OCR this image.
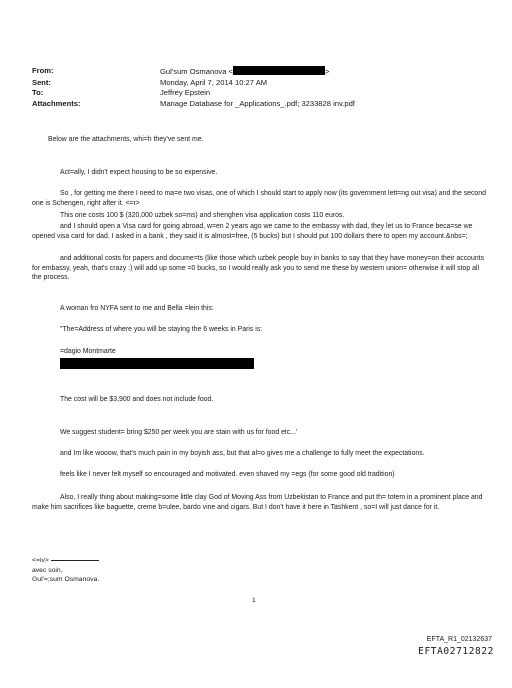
From:	Gul'sum Osmanova <	>
Sent:	Monday, April 7, 2014 10:27 AM
To:	Jeffrey Epstein
Attachments:	Manage Database for _Applications_.pdf; 3233828 inv.pdf

Below are the attachments, whi=h they've sent me.

Act=ally, I didn't expect housing to be so expensive.

So , for getting me there I need to ma=e two visas, one of which I should start to apply now (its government lett=ng out visa) and the second one is Schengen, right after it. <=r>

This one costs 100 $ (320,000 uzbek so=ms) and shenghen visa application costs 110 euros.

and I should open a Visa card for going abroad, w=en 2 years ago we came to the embassy with dad, they let us to France beca=se we opened visa card for dad. I asked in a bank , they said it is almost=free, (5 bucks) but I should put 100 dollars there to open my account.&nbs=;

and additional costs for papers and docume=ts (like those which uzbek people buy in banks to say that they have money=on their accounts for embassy, yeah, that's crazy :) will add up some =0 bucks, so I would really ask you to send me these by western union= otherwise it will stop all the process.

A woman fro NYFA sent to me and Bella =lein this:

"The=Address of where you will be staying the 6 weeks in Paris is:

=dagio Montmarte

The cost will be $3,900 and does not include food.

We suggest student= bring $250 per week you are stain with us for food etc...'

and Im like wooow, that's much pain in my boyish ass, but that al=o gives me a challenge to fully meet the expectations.

feels like I never felt myself so encouraged and motivated. even shaved my =egs (for some good old tradition)

Also, I really thing about making=some little clay God of Moving Ass from Uzbekistan to France and put th= totem in a prominent place and make him sacrifices like baguette, creme b=ulee, bardo vine and cigars. But I don't have it here in Tashkent , so=I will just dance for it.

<=iv>
avec soin,
Gul'=;sum Osmanova.
1
EFTA_R1_02132637
EFTA02712822
